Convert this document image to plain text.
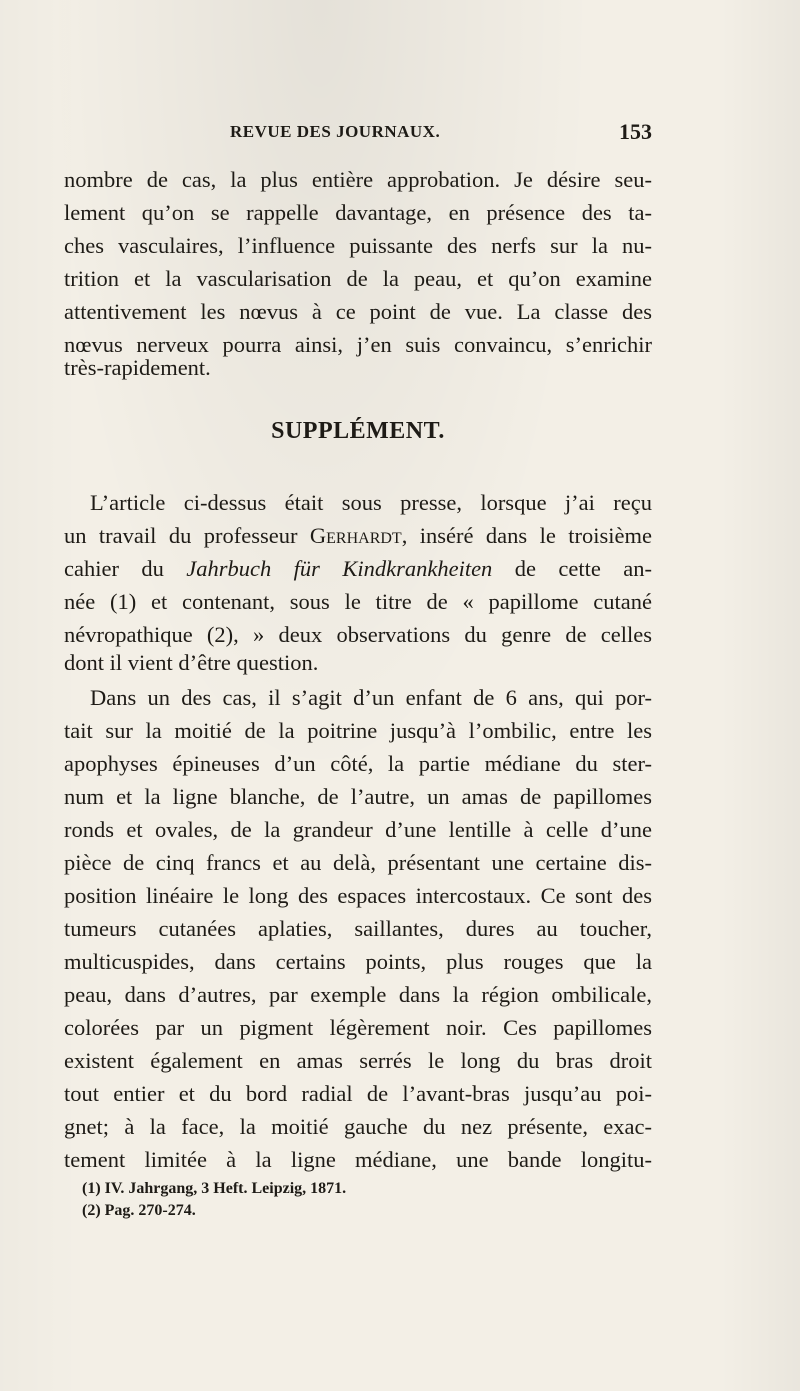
REVUE DES JOURNAUX.	153
nombre de cas, la plus entière approbation. Je désire seu-
lement qu’on se rappelle davantage, en présence des ta-
ches vasculaires, l’influence puissante des nerfs sur la nu-
trition et la vascularisation de la peau, et qu’on examine
attentivement les nœvus à ce point de vue. La classe des
nœvus nerveux pourra ainsi, j’en suis convaincu, s’enrichir
très-rapidement.
SUPPLÉMENT.
L’article ci-dessus était sous presse, lorsque j’ai reçu
un travail du professeur Gerhardt, inséré dans le troisième
cahier du Jahrbuch für Kindkrankheiten de cette an-
née (1) et contenant, sous le titre de « papillome cutané
névropathique (2), » deux observations du genre de celles
dont il vient d’être question.
Dans un des cas, il s’agit d’un enfant de 6 ans, qui por-
tait sur la moitié de la poitrine jusqu’à l’ombilic, entre les
apophyses épineuses d’un côté, la partie médiane du ster-
num et la ligne blanche, de l’autre, un amas de papillomes
ronds et ovales, de la grandeur d’une lentille à celle d’une
pièce de cinq francs et au delà, présentant une certaine dis-
position linéaire le long des espaces intercostaux. Ce sont des
tumeurs cutanées aplaties, saillantes, dures au toucher,
multicuspides, dans certains points, plus rouges que la
peau, dans d’autres, par exemple dans la région ombilicale,
colorées par un pigment légèrement noir. Ces papillomes
existent également en amas serrés le long du bras droit
tout entier et du bord radial de l’avant-bras jusqu’au poi-
gnet; à la face, la moitié gauche du nez présente, exac-
tement limitée à la ligne médiane, une bande longitu-
(1) IV. Jahrgang, 3 Heft. Leipzig, 1871.
(2) Pag. 270-274.
